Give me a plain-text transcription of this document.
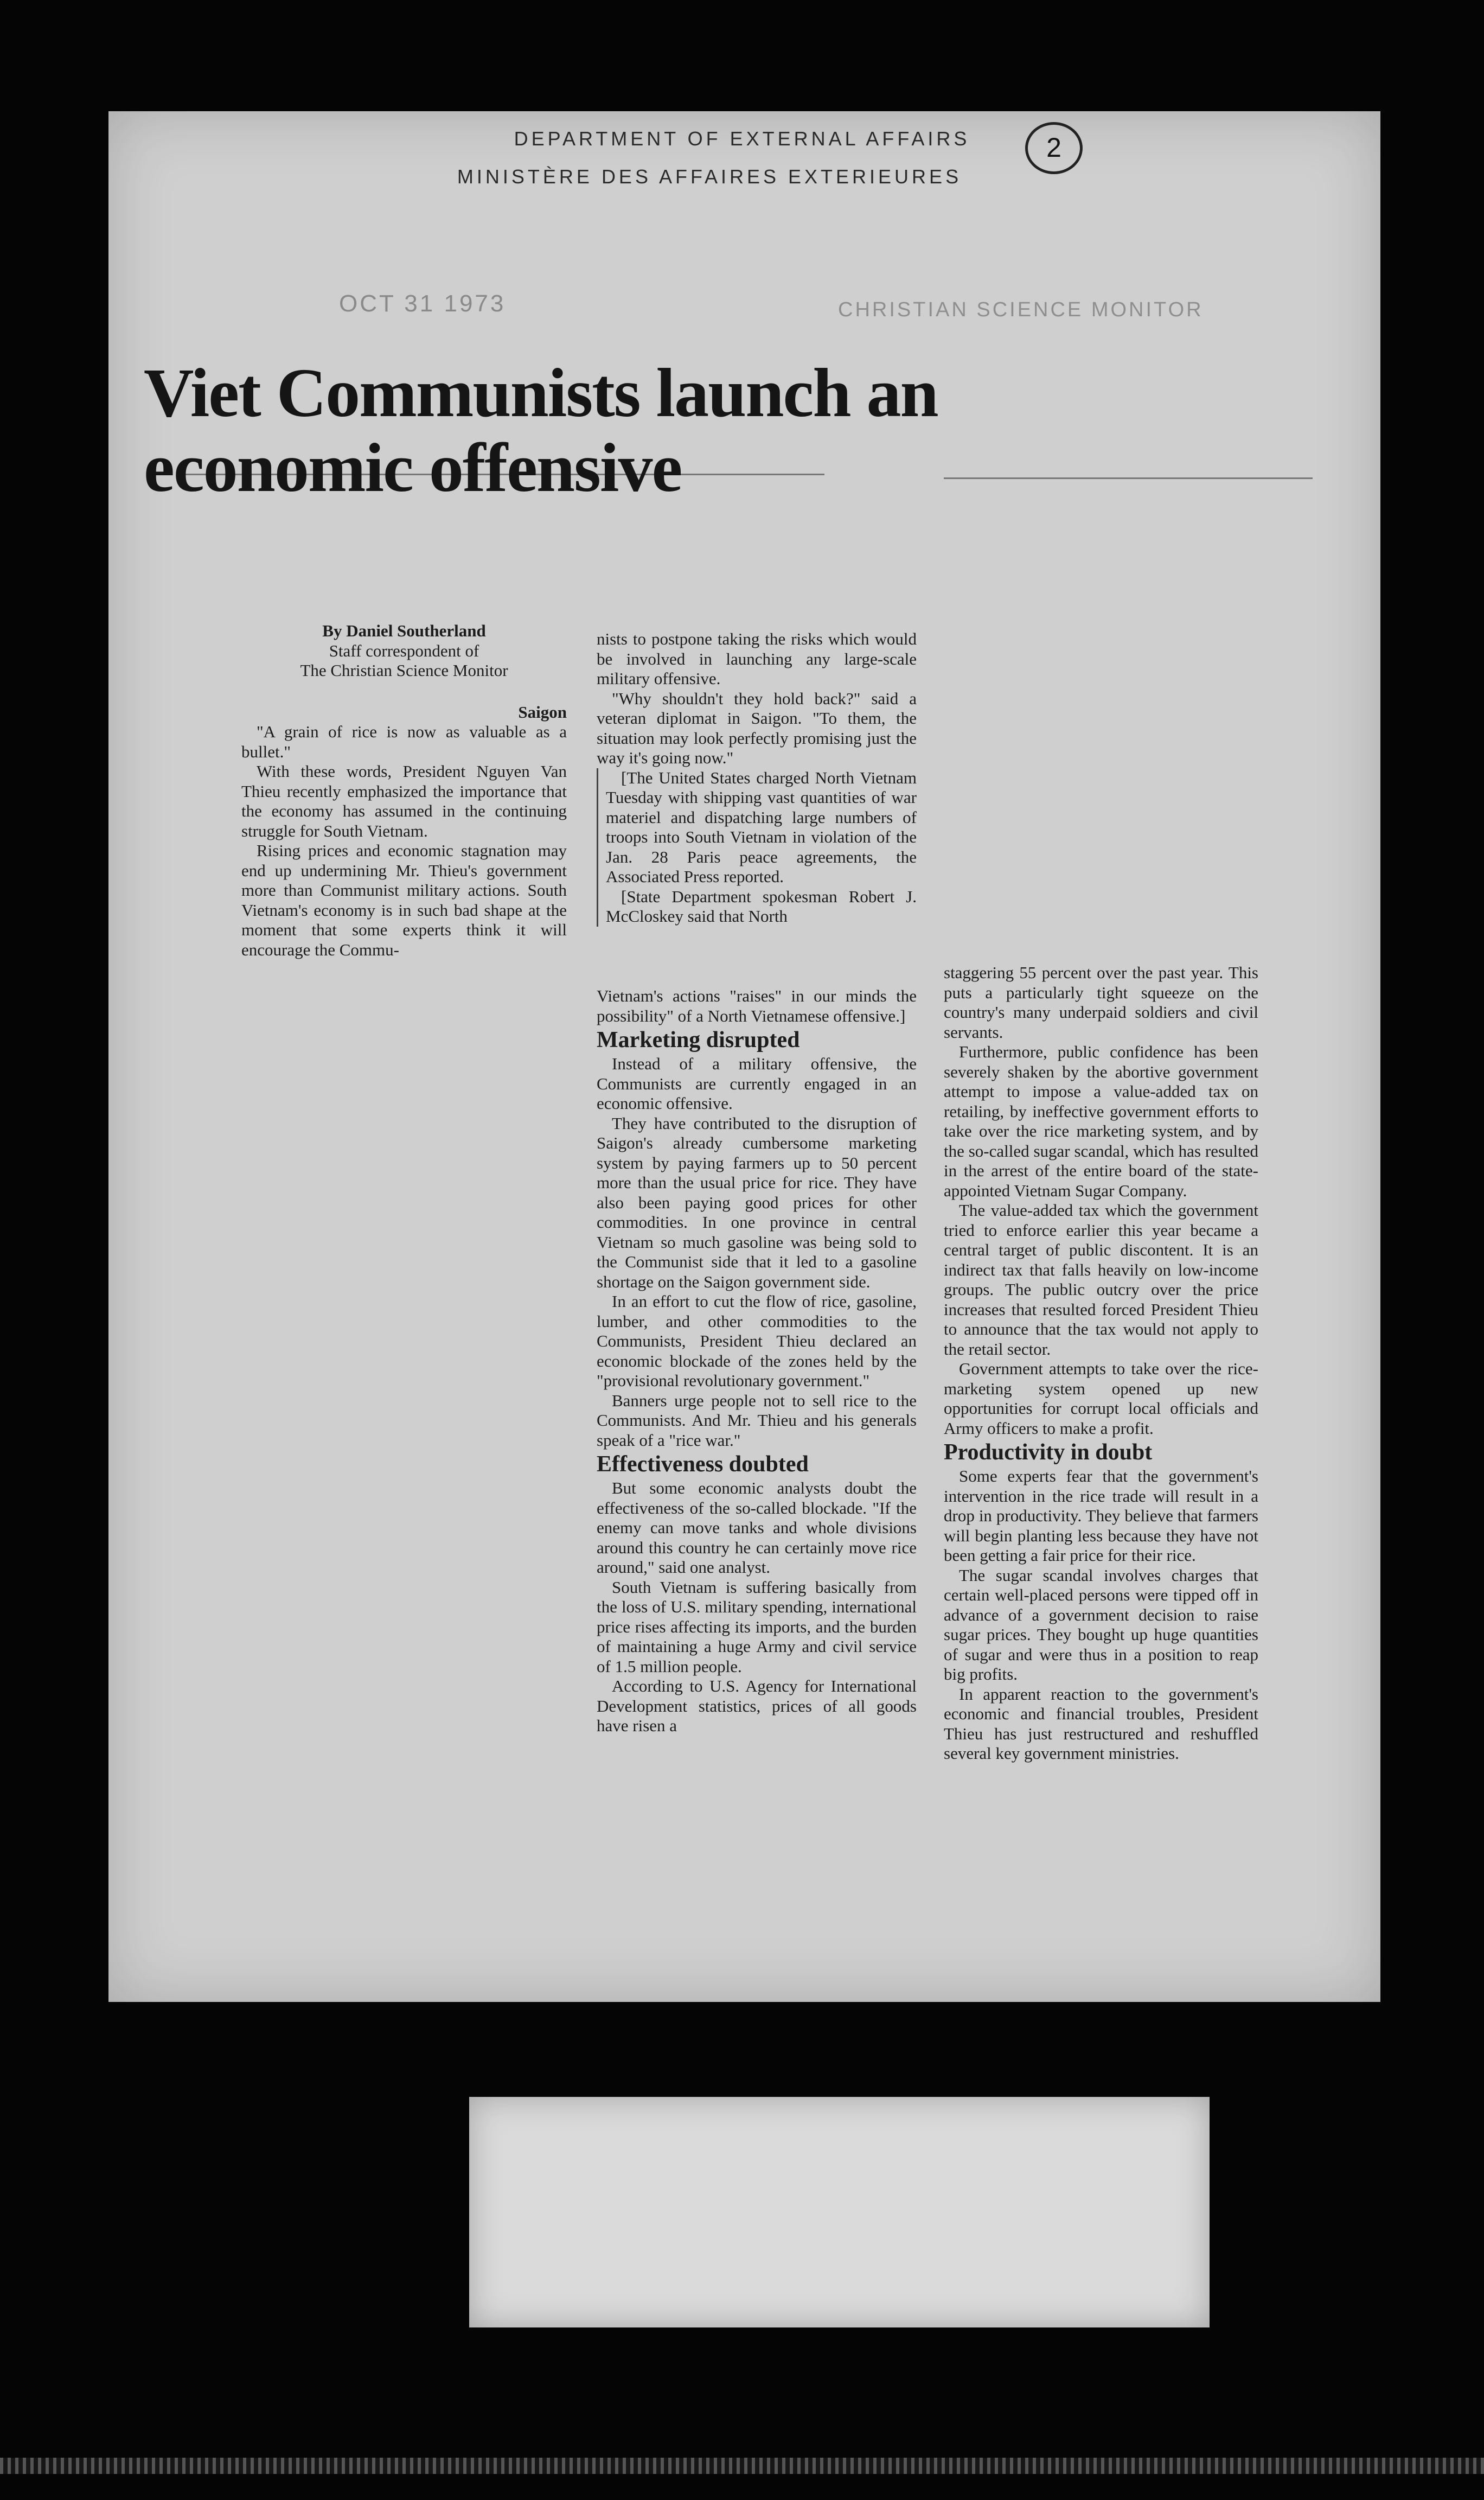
DEPARTMENT OF EXTERNAL AFFAIRS
MINISTÈRE DES AFFAIRES EXTERIEURES
2
OCT 31 1973	CHRISTIAN SCIENCE MONITOR
Viet Communists launch an economic offensive

By Daniel Southerland

Staff correspondent of

The Christian Science Monitor

Saigon

"A grain of rice is now as valuable as a bullet."

With these words, President Nguyen Van Thieu recently emphasized the importance that the economy has assumed in the continuing struggle for South Vietnam.

Rising prices and economic stagnation may end up undermining Mr. Thieu's government more than Communist military actions. South Vietnam's economy is in such bad shape at the moment that some experts think it will encourage the Commu-

nists to postpone taking the risks which would be involved in launching any large-scale military offensive.

"Why shouldn't they hold back?" said a veteran diplomat in Saigon. "To them, the situation may look perfectly promising just the way it's going now."

[The United States charged North Vietnam Tuesday with shipping vast quantities of war materiel and dispatching large numbers of troops into South Vietnam in violation of the Jan. 28 Paris peace agreements, the Associated Press reported.

[State Department spokesman Robert J. McCloskey said that North

Vietnam's actions "raises" in our minds the possibility" of a North Vietnamese offensive.]

Marketing disrupted

Instead of a military offensive, the Communists are currently engaged in an economic offensive.

They have contributed to the disruption of Saigon's already cumbersome marketing system by paying farmers up to 50 percent more than the usual price for rice. They have also been paying good prices for other commodities. In one province in central Vietnam so much gasoline was being sold to the Communist side that it led to a gasoline shortage on the Saigon government side.

In an effort to cut the flow of rice, gasoline, lumber, and other commodities to the Communists, President Thieu declared an economic blockade of the zones held by the "provisional revolutionary government."

Banners urge people not to sell rice to the Communists. And Mr. Thieu and his generals speak of a "rice war."

Effectiveness doubted

But some economic analysts doubt the effectiveness of the so-called blockade. "If the enemy can move tanks and whole divisions around this country he can certainly move rice around," said one analyst.

South Vietnam is suffering basically from the loss of U.S. military spending, international price rises affecting its imports, and the burden of maintaining a huge Army and civil service of 1.5 million people.

According to U.S. Agency for International Development statistics, prices of all goods have risen a

staggering 55 percent over the past year. This puts a particularly tight squeeze on the country's many underpaid soldiers and civil servants.

Furthermore, public confidence has been severely shaken by the abortive government attempt to impose a value-added tax on retailing, by ineffective government efforts to take over the rice marketing system, and by the so-called sugar scandal, which has resulted in the arrest of the entire board of the state-appointed Vietnam Sugar Company.

The value-added tax which the government tried to enforce earlier this year became a central target of public discontent. It is an indirect tax that falls heavily on low-income groups. The public outcry over the price increases that resulted forced President Thieu to announce that the tax would not apply to the retail sector.

Government attempts to take over the rice-marketing system opened up new opportunities for corrupt local officials and Army officers to make a profit.

Productivity in doubt

Some experts fear that the government's intervention in the rice trade will result in a drop in productivity. They believe that farmers will begin planting less because they have not been getting a fair price for their rice.

The sugar scandal involves charges that certain well-placed persons were tipped off in advance of a government decision to raise sugar prices. They bought up huge quantities of sugar and were thus in a position to reap big profits.

In apparent reaction to the government's economic and financial troubles, President Thieu has just restructured and reshuffled several key government ministries.
